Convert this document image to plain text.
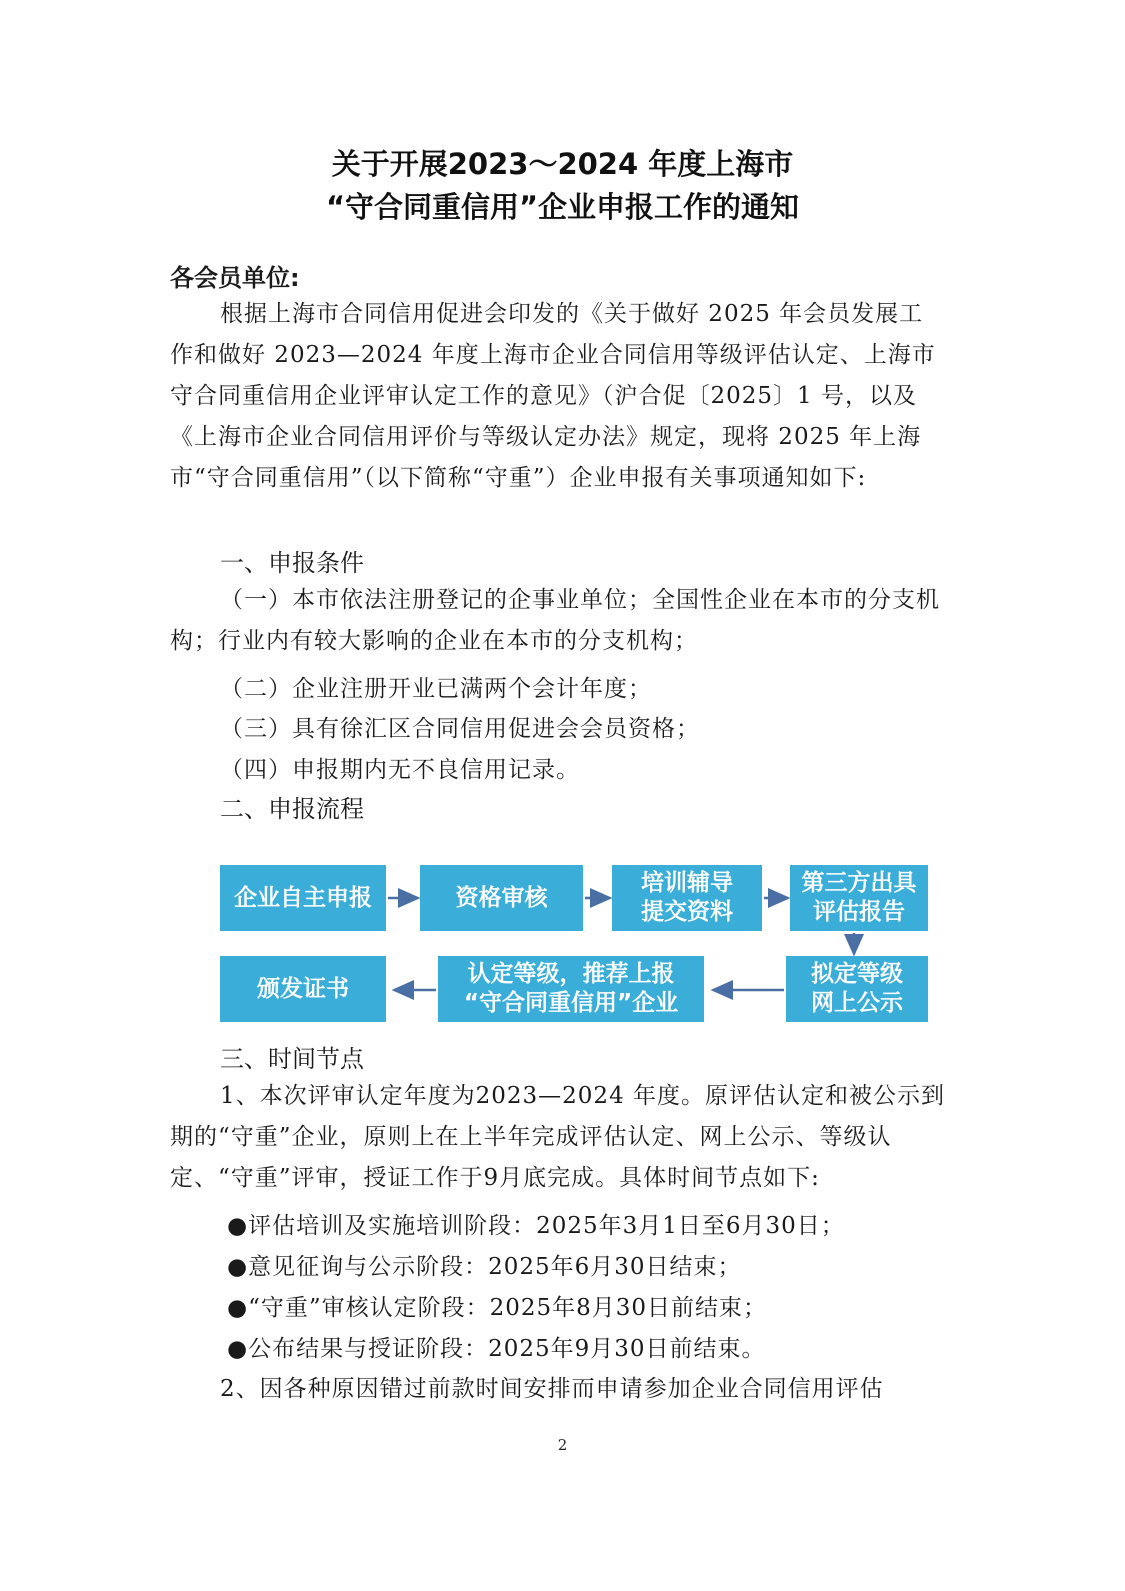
关于开展2023～2024 年度上海市
“守合同重信用”企业申报工作的通知
各会员单位:

根据上海市合同信用促进会印发的《关于做好 2025 年会员发展工作和做好 2023—2024 年度上海市企业合同信用等级评估认定、上海市守合同重信用企业评审认定工作的意见》（沪合促〔2025〕1 号，以及《上海市企业合同信用评价与等级认定办法》规定，现将 2025 年上海市“守合同重信用”（以下简称“守重”）企业申报有关事项通知如下:

一、申报条件

（一）本市依法注册登记的企事业单位；全国性企业在本市的分支机构；行业内有较大影响的企业在本市的分支机构；

（二）企业注册开业已满两个会计年度；
（三）具有徐汇区合同信用促进会会员资格；
（四）申报期内无不良信用记录。
二、申报流程
企业自主申报	资格审核
培训辅导
提交资料
第三方出具
评估报告
拟定等级
网上公示
认定等级，推荐上报
“守合同重信用”企业
颁发证书
三、时间节点

1、本次评审认定年度为2023—2024 年度。原评估认定和被公示到期的“守重”企业，原则上在上半年完成评估认定、网上公示、等级认定、“守重”评审，授证工作于9月底完成。具体时间节点如下:

●评估培训及实施培训阶段：2025年3月1日至6月30日；
●意见征询与公示阶段：2025年6月30日结束；
●“守重”审核认定阶段：2025年8月30日前结束；
●公布结果与授证阶段：2025年9月30日前结束。
2、因各种原因错过前款时间安排而申请参加企业合同信用评估
2
